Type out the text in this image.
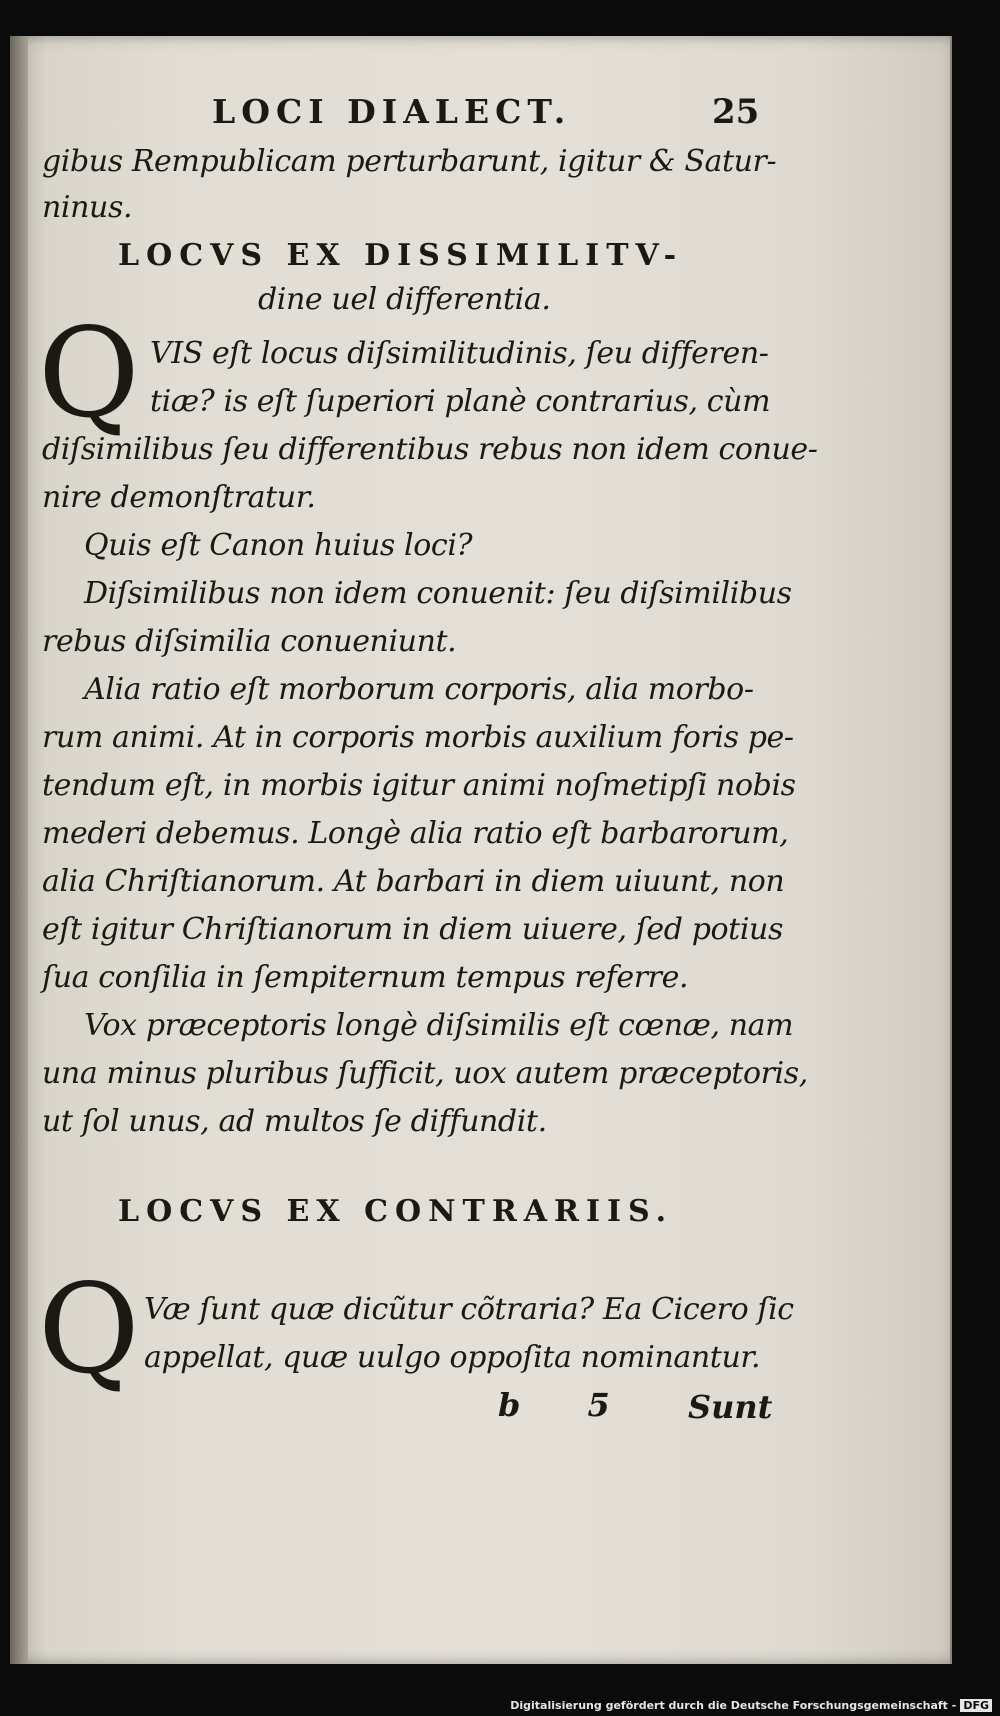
LOCI DIALECT.	25
gibus Rempublicam perturbarunt, igitur & Satur-
ninus.
LOCVS EX DISSIMILITV-
dine uel differentia.
Q VIS eſt locus diſsimilitudinis, ſeu differen-
tiæ? is eſt ſuperiori planè contrarius, cùm
diſsimilibus ſeu differentibus rebus non idem conue-
nire demonſtratur.
Quis eſt Canon huius loci?
Diſsimilibus non idem conuenit: ſeu diſsimilibus
rebus diſsimilia conueniunt.
Alia ratio eſt morborum corporis, alia morbo-
rum animi. At in corporis morbis auxilium foris pe-
tendum eſt, in morbis igitur animi noſmetipſi nobis
mederi debemus. Longè alia ratio eſt barbarorum,
alia Chriſtianorum. At barbari in diem uiuunt, non
eſt igitur Chriſtianorum in diem uiuere, ſed potius
ſua conſilia in ſempiternum tempus referre.
Vox præceptoris longè diſsimilis eſt cœnæ, nam
una minus pluribus ſufficit, uox autem præceptoris,
ut ſol unus, ad multos ſe diffundit.
LOCVS EX CONTRARIIS.
Q Væ ſunt quæ dicũtur cõtraria? Ea Cicero ſic
appellat, quæ uulgo oppoſita nominantur.
b 5 Sunt
Digitalisierung gefördert durch die Deutsche Forschungsgemeinschaft - DFG
